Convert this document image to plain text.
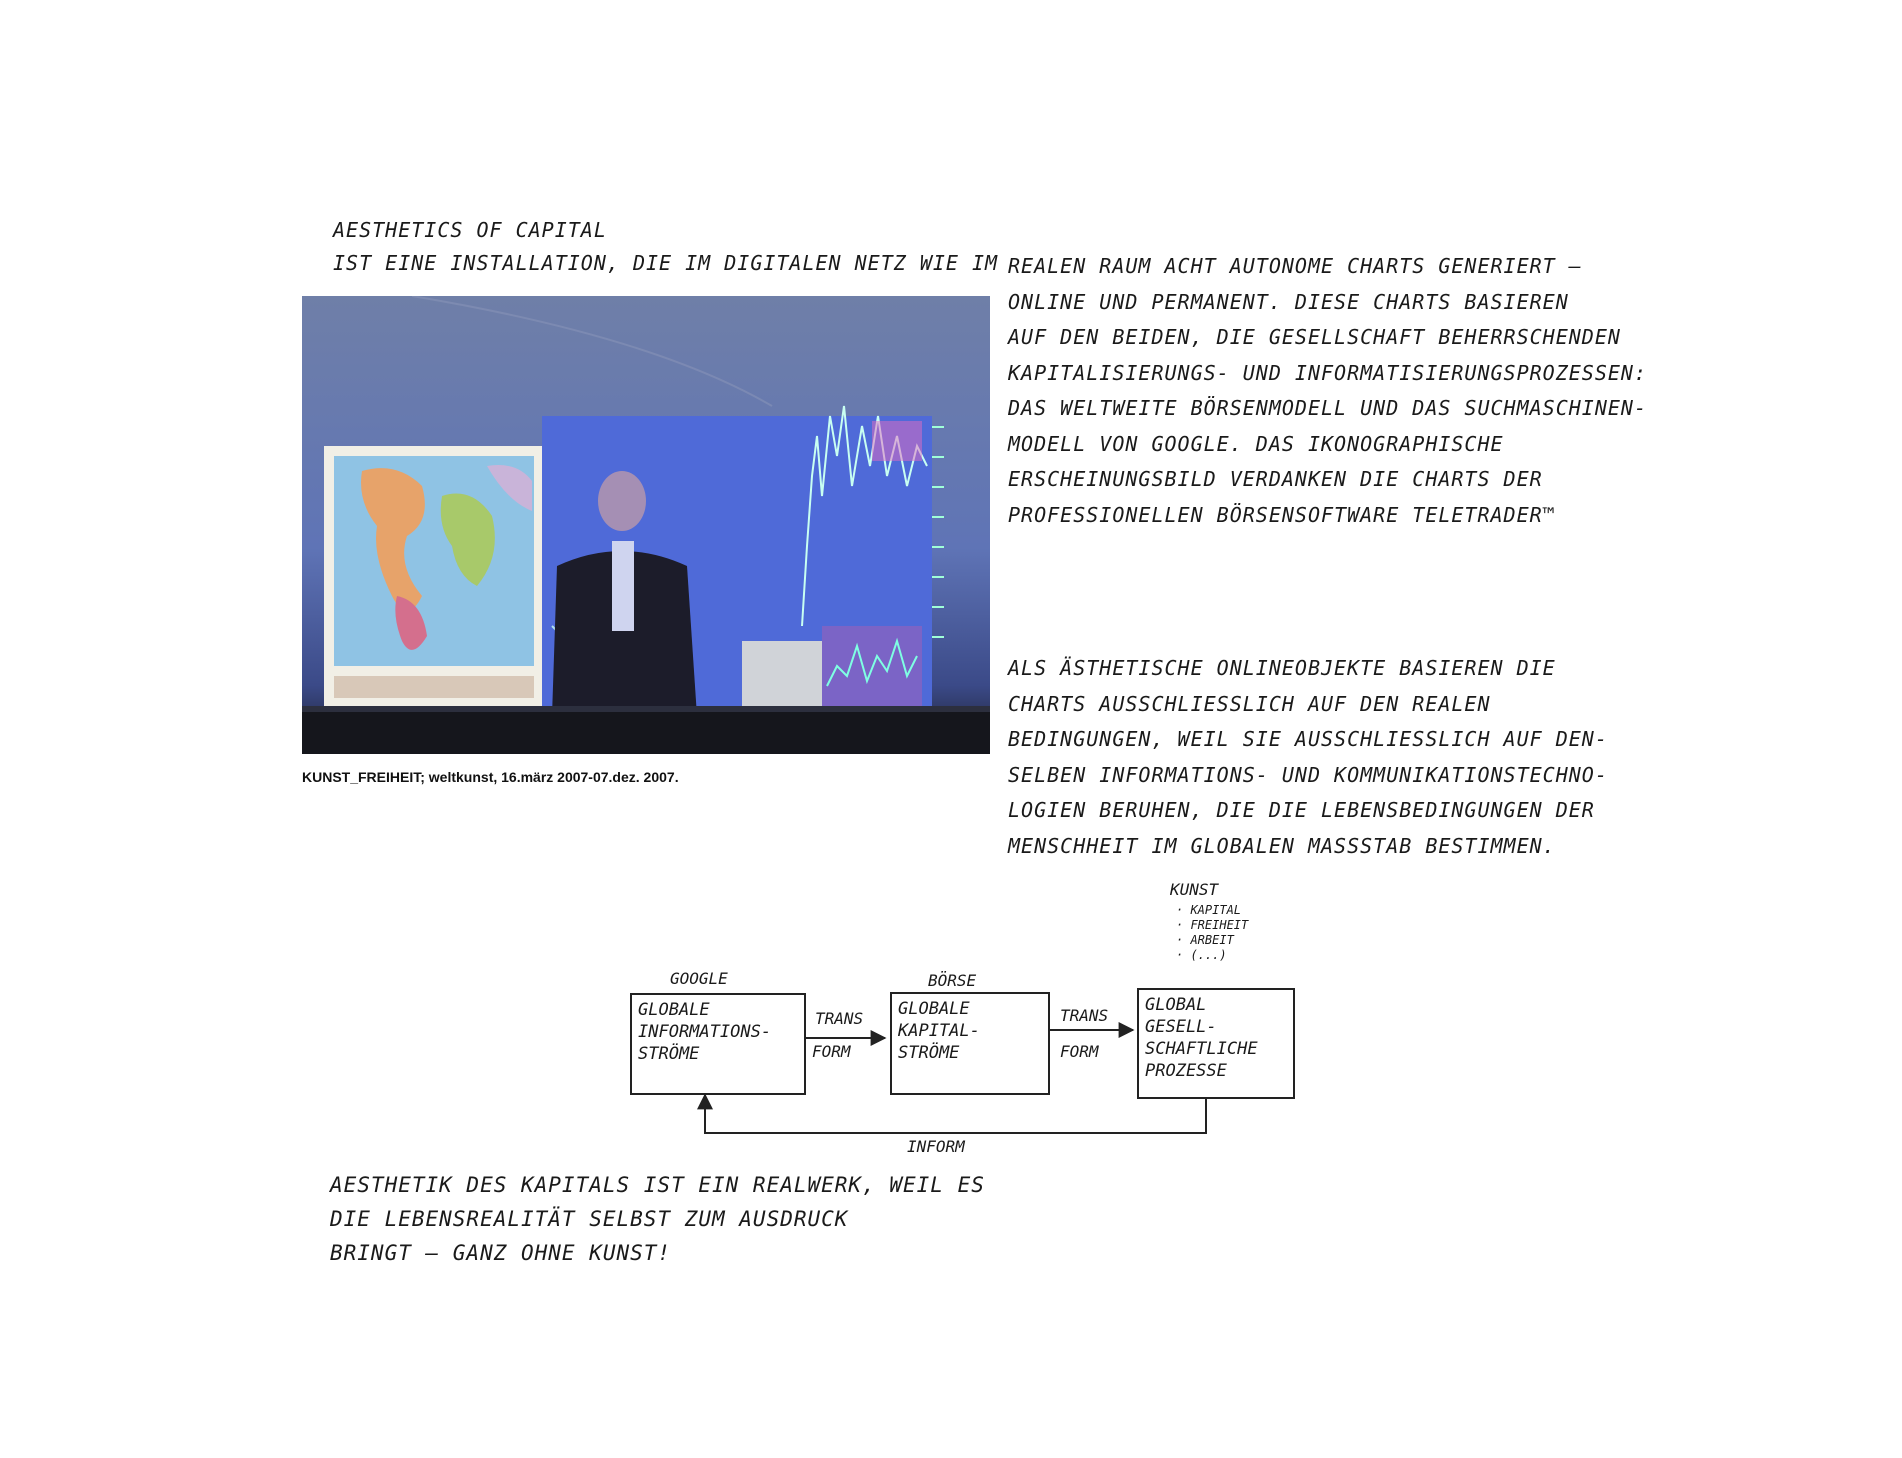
AESTHETICS OF CAPITAL
IST EINE INSTALLATION, DIE IM DIGITALEN NETZ WIE IM REALEN RAUM ACHT AUTONOME CHARTS GENERIERT —
ONLINE UND PERMANENT. DIESE CHARTS BASIEREN
AUF DEN BEIDEN, DIE GESELLSCHAFT BEHERRSCHENDEN
KAPITALISIERUNGS- UND INFORMATISIERUNGSPROZESSEN:
DAS WELTWEITE BÖRSENMODELL UND DAS SUCHMASCHINEN-
MODELL VON GOOGLE. DAS IKONOGRAPHISCHE
ERSCHEINUNGSBILD VERDANKEN DIE CHARTS DER
PROFESSIONELLEN BÖRSENSOFTWARE TELETRADER™
KUNST_FREIHEIT; weltkunst, 16.märz 2007-07.dez. 2007.
ALS ÄSTHETISCHE ONLINEOBJEKTE BASIEREN DIE
CHARTS AUSSCHLIESSLICH AUF DEN REALEN
BEDINGUNGEN, WEIL SIE AUSSCHLIESSLICH AUF DEN-
SELBEN INFORMATIONS- UND KOMMUNIKATIONSTECHNO-
LOGIEN BERUHEN, DIE DIE LEBENSBEDINGUNGEN DER
MENSCHHEIT IM GLOBALEN MASSSTAB BESTIMMEN.
GOOGLE	BÖRSE
KUNST
· KAPITAL
· FREIHEIT
· ARBEIT
· (...)
GLOBALE
INFORMATIONS-
STRÖME
GLOBALE
KAPITAL-
STRÖME
GLOBAL
GESELL-
SCHAFTLICHE
PROZESSE
TRANS
FORM
TRANS
FORM
INFORM
AESTHETIK DES KAPITALS IST EIN REALWERK, WEIL ES
DIE LEBENSREALITÄT SELBST ZUM AUSDRUCK
BRINGT – GANZ OHNE KUNST!
